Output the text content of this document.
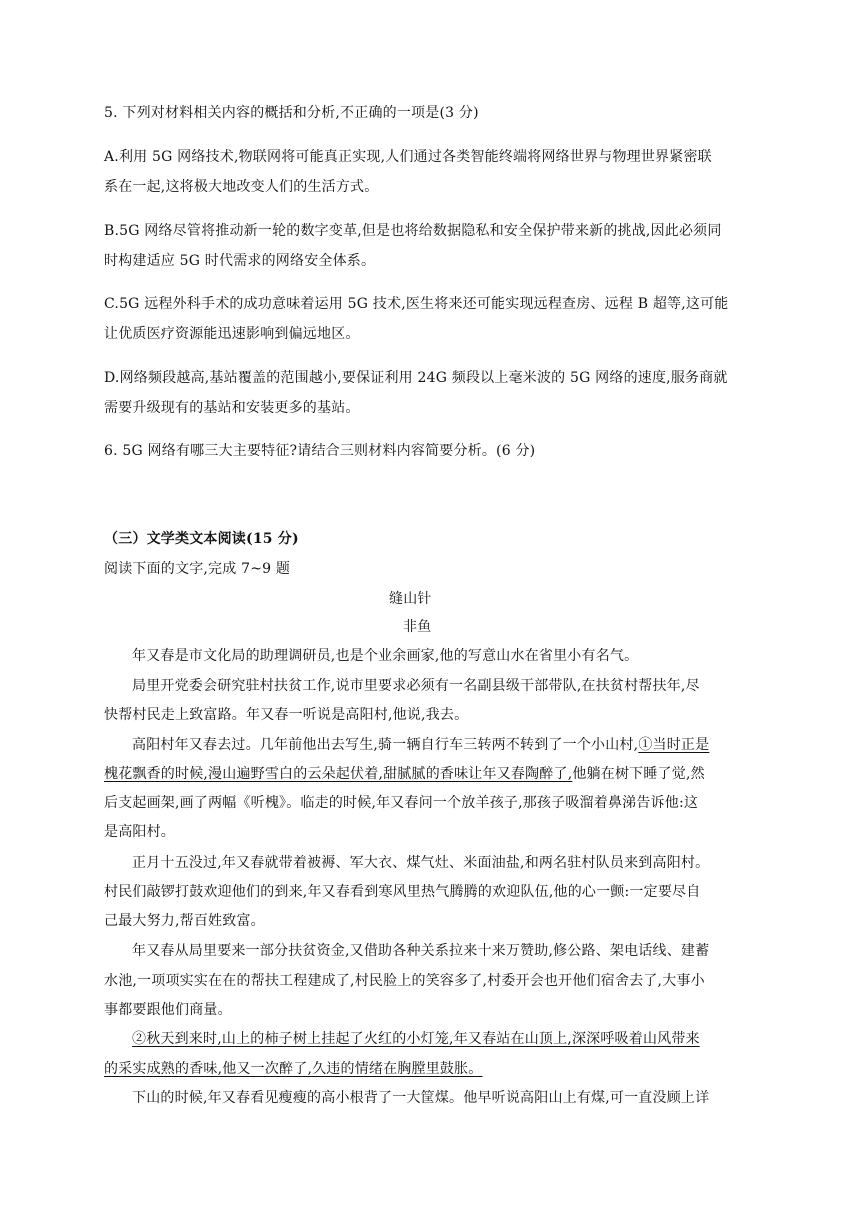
5. 下列对材料相关内容的概括和分析,不正确的一项是(3 分)
A.利用 5G 网络技术,物联网将可能真正实现,人们通过各类智能终端将网络世界与物理世界紧密联
系在一起,这将极大地改变人们的生活方式。
B.5G 网络尽管将推动新一轮的数字变革,但是也将给数据隐私和安全保护带来新的挑战,因此必须同
时构建适应 5G 时代需求的网络安全体系。
C.5G 远程外科手术的成功意味着运用 5G 技术,医生将来还可能实现远程查房、远程 B 超等,这可能
让优质医疗资源能迅速影响到偏远地区。
D.网络频段越高,基站覆盖的范围越小,要保证利用 24G 频段以上毫米波的 5G 网络的速度,服务商就
需要升级现有的基站和安装更多的基站。
6. 5G 网络有哪三大主要特征?请结合三则材料内容简要分析。(6 分)
（三）文学类文本阅读(15 分)
阅读下面的文字,完成 7~9 题
缝山针
非鱼
年又春是市文化局的助理调研员,也是个业余画家,他的写意山水在省里小有名气。
局里开党委会研究驻村扶贫工作,说市里要求必须有一名副县级干部带队,在扶贫村帮扶年,尽
快帮村民走上致富路。年又春一听说是高阳村,他说,我去。
高阳村年又春去过。几年前他出去写生,骑一辆自行车三转两不转到了一个小山村,①当时正是
槐花飘香的时候,漫山遍野雪白的云朵起伏着,甜腻腻的香味让年又春陶醉了,他躺在树下睡了觉,然
后支起画架,画了两幅《听槐》。临走的时候,年又春问一个放羊孩子,那孩子吸溜着鼻涕告诉他:这
是高阳村。
正月十五没过,年又春就带着被褥、军大衣、煤气灶、米面油盐,和两名驻村队员来到高阳村。
村民们敲锣打鼓欢迎他们的到来,年又春看到寒风里热气腾腾的欢迎队伍,他的心一颤:一定要尽自
己最大努力,帮百姓致富。
年又春从局里要来一部分扶贫资金,又借助各种关系拉来十来万赞助,修公路、架电话线、建蓄
水池,一项项实实在在的帮扶工程建成了,村民脸上的笑容多了,村委开会也开他们宿舍去了,大事小
事都要跟他们商量。
②秋天到来时,山上的柿子树上挂起了火红的小灯笼,年又春站在山顶上,深深呼吸着山风带来
的采实成熟的香味,他又一次醉了,久违的情绪在胸膛里鼓胀。
下山的时候,年又春看见瘦瘦的高小根背了一大筐煤。他早听说高阳山上有煤,可一直没顾上详
